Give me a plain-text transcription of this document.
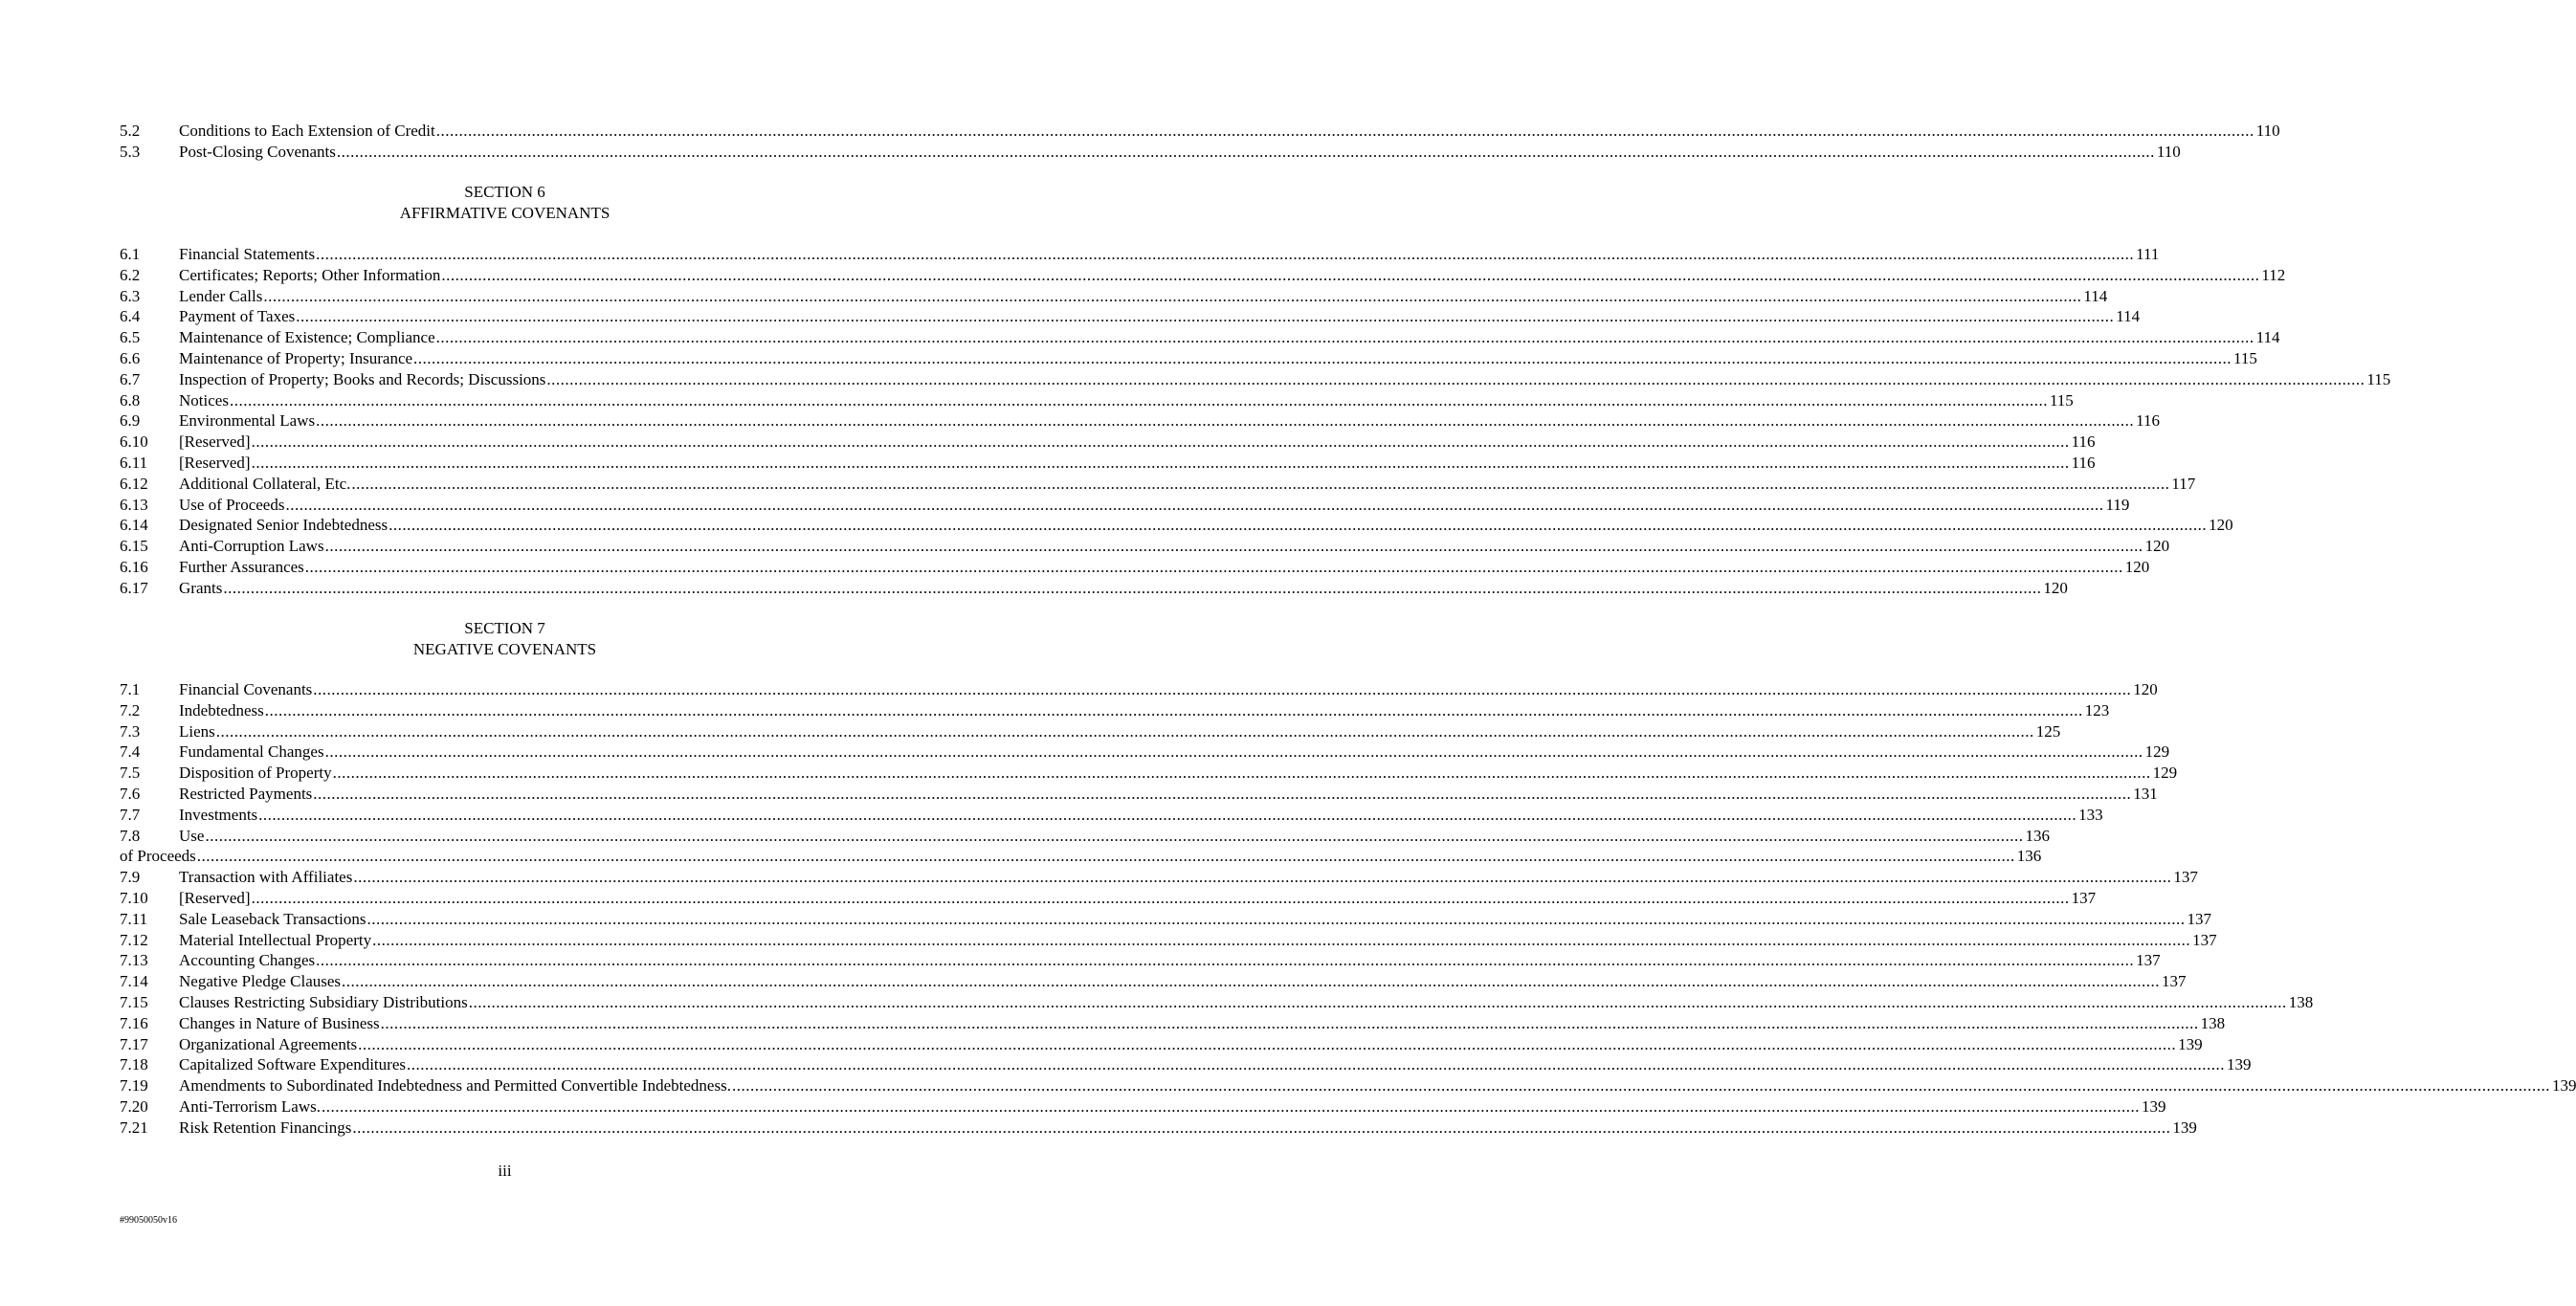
5.2 Conditions to Each Extension of Credit ................................................................................................................................................................................................................................................................................................................................................................................................................ 110
5.3 Post-Closing Covenants ................................................................................................................................................................................................................................................................................................................................................................................................................ 110
SECTION 6
AFFIRMATIVE COVENANTS
6.1 Financial Statements ................................................................................................................................................................................................................................................................................................................................................................................................................ 111
6.2 Certificates; Reports; Other Information ................................................................................................................................................................................................................................................................................................................................................................................................................ 112
6.3 Lender Calls ................................................................................................................................................................................................................................................................................................................................................................................................................ 114
6.4 Payment of Taxes ................................................................................................................................................................................................................................................................................................................................................................................................................ 114
6.5 Maintenance of Existence; Compliance ................................................................................................................................................................................................................................................................................................................................................................................................................ 114
6.6 Maintenance of Property; Insurance ................................................................................................................................................................................................................................................................................................................................................................................................................ 115
6.7 Inspection of Property; Books and Records; Discussions ................................................................................................................................................................................................................................................................................................................................................................................................................ 115
6.8 Notices ................................................................................................................................................................................................................................................................................................................................................................................................................ 115
6.9 Environmental Laws ................................................................................................................................................................................................................................................................................................................................................................................................................ 116
6.10 [Reserved] ................................................................................................................................................................................................................................................................................................................................................................................................................ 116
6.11 [Reserved] ................................................................................................................................................................................................................................................................................................................................................................................................................ 116
6.12 Additional Collateral, Etc. ................................................................................................................................................................................................................................................................................................................................................................................................................ 117
6.13 Use of Proceeds ................................................................................................................................................................................................................................................................................................................................................................................................................ 119
6.14 Designated Senior Indebtedness ................................................................................................................................................................................................................................................................................................................................................................................................................ 120
6.15 Anti-Corruption Laws ................................................................................................................................................................................................................................................................................................................................................................................................................ 120
6.16 Further Assurances ................................................................................................................................................................................................................................................................................................................................................................................................................ 120
6.17 Grants ................................................................................................................................................................................................................................................................................................................................................................................................................ 120
SECTION 7
NEGATIVE COVENANTS
7.1 Financial Covenants ................................................................................................................................................................................................................................................................................................................................................................................................................ 120
7.2 Indebtedness ................................................................................................................................................................................................................................................................................................................................................................................................................ 123
7.3 Liens ................................................................................................................................................................................................................................................................................................................................................................................................................ 125
7.4 Fundamental Changes ................................................................................................................................................................................................................................................................................................................................................................................................................ 129
7.5 Disposition of Property ................................................................................................................................................................................................................................................................................................................................................................................................................ 129
7.6 Restricted Payments ................................................................................................................................................................................................................................................................................................................................................................................................................ 131
7.7 Investments ................................................................................................................................................................................................................................................................................................................................................................................................................ 133
7.8 Use ................................................................................................................................................................................................................................................................................................................................................................................................................ 136
of Proceeds ................................................................................................................................................................................................................................................................................................................................................................................................................ 136
7.9 Transaction with Affiliates ................................................................................................................................................................................................................................................................................................................................................................................................................ 137
7.10 [Reserved] ................................................................................................................................................................................................................................................................................................................................................................................................................ 137
7.11 Sale Leaseback Transactions ................................................................................................................................................................................................................................................................................................................................................................................................................ 137
7.12 Material Intellectual Property ................................................................................................................................................................................................................................................................................................................................................................................................................ 137
7.13 Accounting Changes ................................................................................................................................................................................................................................................................................................................................................................................................................ 137
7.14 Negative Pledge Clauses ................................................................................................................................................................................................................................................................................................................................................................................................................ 137
7.15 Clauses Restricting Subsidiary Distributions ................................................................................................................................................................................................................................................................................................................................................................................................................ 138
7.16 Changes in Nature of Business ................................................................................................................................................................................................................................................................................................................................................................................................................ 138
7.17 Organizational Agreements ................................................................................................................................................................................................................................................................................................................................................................................................................ 139
7.18 Capitalized Software Expenditures ................................................................................................................................................................................................................................................................................................................................................................................................................ 139
7.19 Amendments to Subordinated Indebtedness and Permitted Convertible Indebtedness. ................................................................................................................................................................................................................................................................................................................................................................................................................ 139
7.20 Anti-Terrorism Laws. ................................................................................................................................................................................................................................................................................................................................................................................................................ 139
7.21 Risk Retention Financings ................................................................................................................................................................................................................................................................................................................................................................................................................ 139
iii
#99050050v16
